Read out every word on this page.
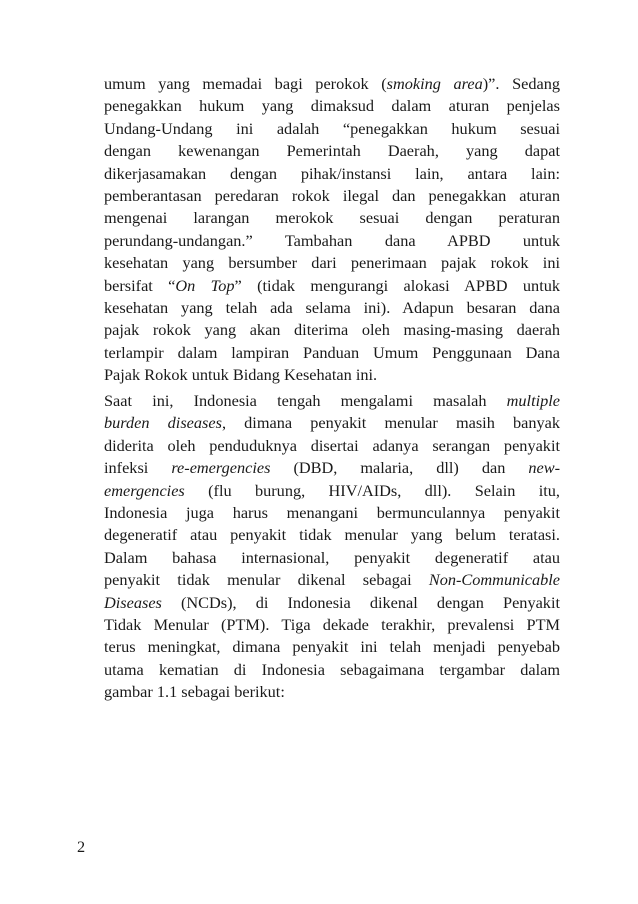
umum yang memadai bagi perokok (smoking area)”. Sedang
penegakkan hukum yang dimaksud dalam aturan penjelas
Undang-Undang ini adalah “penegakkan hukum sesuai
dengan kewenangan Pemerintah Daerah, yang dapat
dikerjasamakan dengan pihak/instansi lain, antara lain:
pemberantasan peredaran rokok ilegal dan penegakkan aturan
mengenai larangan merokok sesuai dengan peraturan
perundang-undangan.” Tambahan dana APBD untuk
kesehatan yang bersumber dari penerimaan pajak rokok ini
bersifat “On Top” (tidak mengurangi alokasi APBD untuk
kesehatan yang telah ada selama ini). Adapun besaran dana
pajak rokok yang akan diterima oleh masing-masing daerah
terlampir dalam lampiran Panduan Umum Penggunaan Dana
Pajak Rokok untuk Bidang Kesehatan ini.
Saat ini, Indonesia tengah mengalami masalah multiple
burden diseases, dimana penyakit menular masih banyak
diderita oleh penduduknya disertai adanya serangan penyakit
infeksi re-emergencies (DBD, malaria, dll) dan new-
emergencies (flu burung, HIV/AIDs, dll). Selain itu,
Indonesia juga harus menangani bermunculannya penyakit
degeneratif atau penyakit tidak menular yang belum teratasi.
Dalam bahasa internasional, penyakit degeneratif atau
penyakit tidak menular dikenal sebagai Non-Communicable
Diseases (NCDs), di Indonesia dikenal dengan Penyakit
Tidak Menular (PTM). Tiga dekade terakhir, prevalensi PTM
terus meningkat, dimana penyakit ini telah menjadi penyebab
utama kematian di Indonesia sebagaimana tergambar dalam
gambar 1.1 sebagai berikut:
2
